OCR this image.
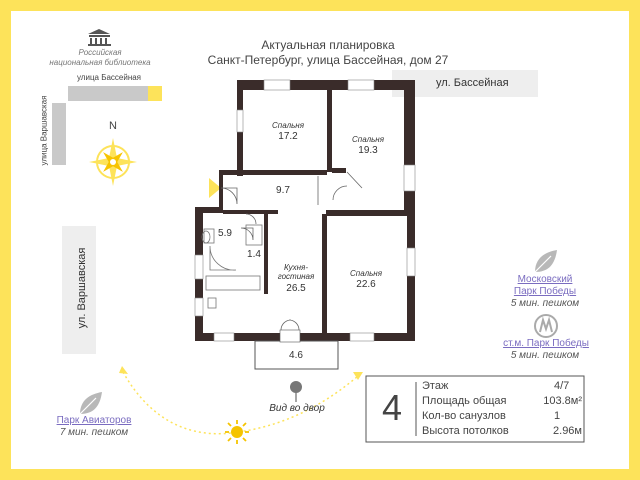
Актуальная планировка
Санкт-Петербург, улица Бассейная, дом 27
Российская
национальная библиотека
улица Бассейная
улица Варшавская	N
ул. Бассейная
ул. Варшавская
Спальня
17.2	Спальня
19.3
9.7
5.9
1.4
Кухня-
гостиная
26.5
Спальня
22.6
4.6
Вид во двор
Московский
Парк Победы
5 мин. пешком
ст.м. Парк Победы
5 мин. пешком
Парк Авиаторов
7 мин. пешком
4
Этаж	4/7
Площадь общая	103.8м²
Кол-во санузлов	1
Высота потолков	2.96м
